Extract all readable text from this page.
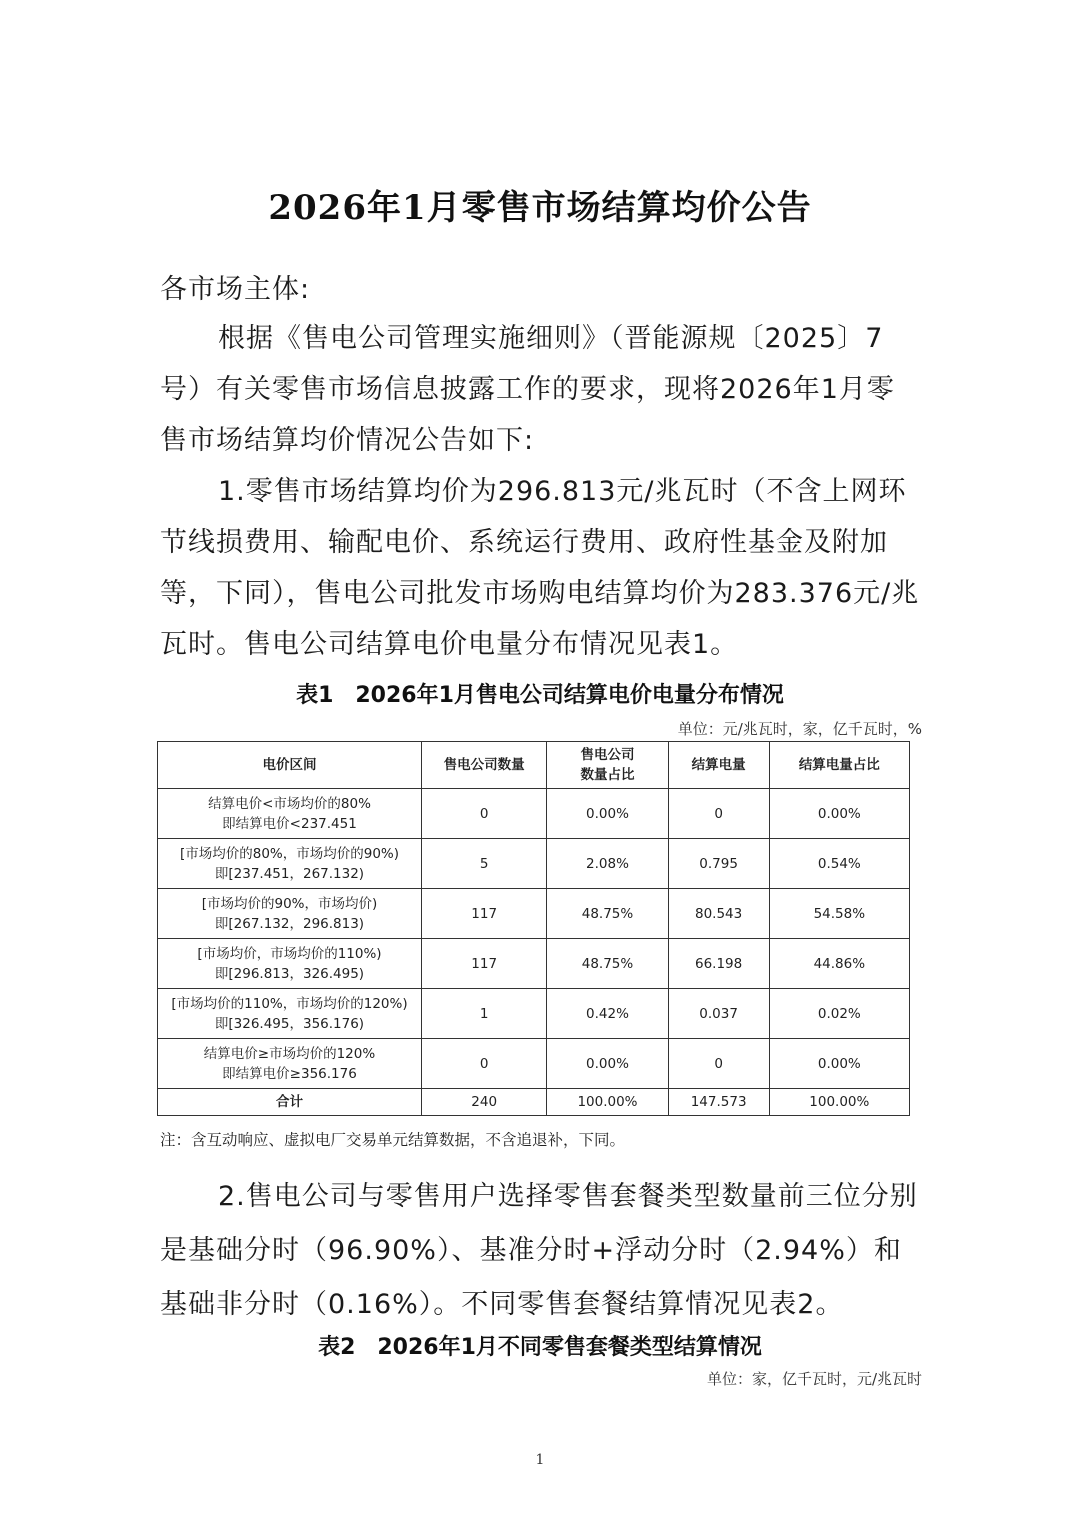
2026年1月零售市场结算均价公告
各市场主体:
根据《售电公司管理实施细则》（晋能源规〔2025〕7号）有关零售市场信息披露工作的要求，现将2026年1月零售市场结算均价情况公告如下:
1.零售市场结算均价为296.813元/兆瓦时（不含上网环节线损费用、输配电价、系统运行费用、政府性基金及附加等，下同），售电公司批发市场购电结算均价为283.376元/兆瓦时。售电公司结算电价电量分布情况见表1。
表1　2026年1月售电公司结算电价电量分布情况
单位：元/兆瓦时，家，亿千瓦时，%
电价区间	售电公司数量	售电公司数量占比	结算电量	结算电量占比

结算电价<市场均价的80%
即结算电价<237.451	0	0.00%	0	0.00%

[市场均价的80%，市场均价的90%)
即[237.451，267.132)	5	2.08%	0.795	0.54%

[市场均价的90%，市场均价)
即[267.132，296.813)	117	48.75%	80.543	54.58%

[市场均价，市场均价的110%)
即[296.813，326.495)	117	48.75%	66.198	44.86%

[市场均价的110%，市场均价的120%)
即[326.495，356.176)	1	0.42%	0.037	0.02%

结算电价≥市场均价的120%
即结算电价≥356.176	0	0.00%	0	0.00%
合计	240	100.00%	147.573	100.00%
注：含互动响应、虚拟电厂交易单元结算数据，不含追退补，下同。
2.售电公司与零售用户选择零售套餐类型数量前三位分别是基础分时（96.90%）、基准分时+浮动分时（2.94%）和基础非分时（0.16%）。不同零售套餐结算情况见表2。
表2　2026年1月不同零售套餐类型结算情况
单位：家，亿千瓦时，元/兆瓦时
1
